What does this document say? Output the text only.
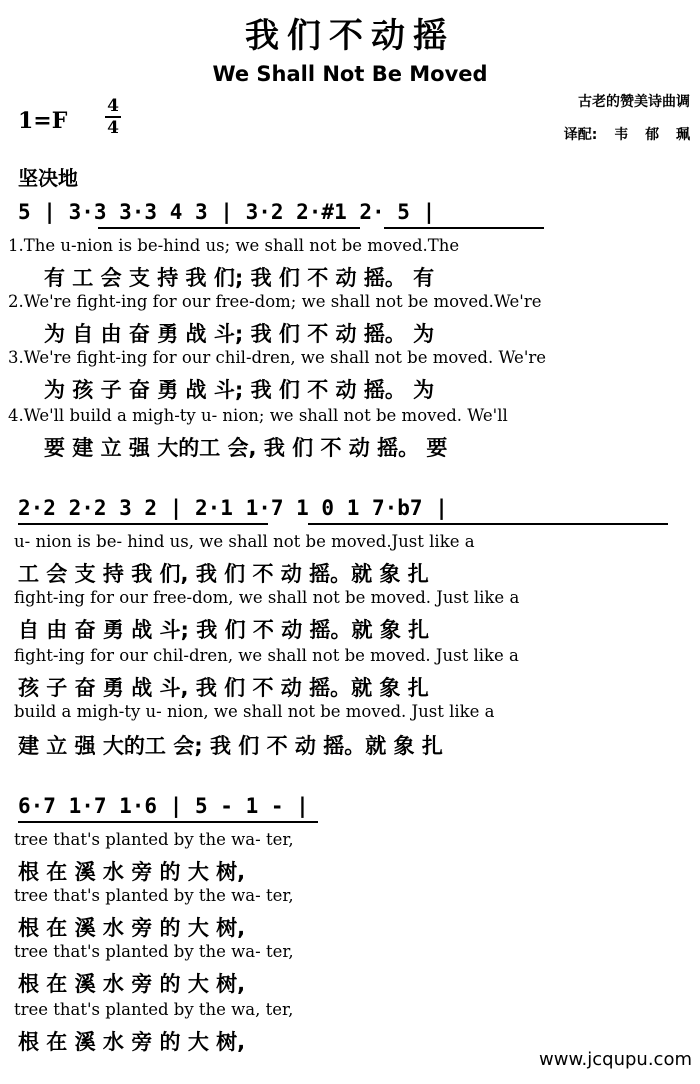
我们不动摇
We Shall Not Be Moved
1=F
4
4
古老的赞美诗曲调
译配: 韦 郁 珮
坚决地
5 | 3·3 3·3 4 3 | 3·2 2·#1 2· 5 |
1.The u-nion is be-hind us; we shall not be moved.The
有 工 会 支 持 我 们; 我 们 不 动 摇。 有
2.We're fight-ing for our free-dom; we shall not be moved.We're
为 自 由 奋 勇 战 斗; 我 们 不 动 摇。 为
3.We're fight-ing for our chil-dren, we shall not be moved. We're
为 孩 子 奋 勇 战 斗; 我 们 不 动 摇。 为
4.We'll build a migh-ty u- nion; we shall not be moved. We'll
要 建 立 强 大的工 会, 我 们 不 动 摇。 要
2·2 2·2 3 2 | 2·1 1·7 1 0 1 7·b7 |
u- nion is be- hind us, we shall not be moved.Just like a
工 会 支 持 我 们, 我 们 不 动 摇。就 象 扎
fight-ing for our free-dom, we shall not be moved. Just like a
自 由 奋 勇 战 斗; 我 们 不 动 摇。就 象 扎
fight-ing for our chil-dren, we shall not be moved. Just like a
孩 子 奋 勇 战 斗, 我 们 不 动 摇。就 象 扎
build a migh-ty u- nion, we shall not be moved. Just like a
建 立 强 大的工 会; 我 们 不 动 摇。就 象 扎
6·7 1·7 1·6 | 5 - 1 - |
tree that's planted by the wa- ter,
根 在 溪 水 旁 的 大 树,
tree that's planted by the wa- ter,
根 在 溪 水 旁 的 大 树,
tree that's planted by the wa- ter,
根 在 溪 水 旁 的 大 树,
tree that's planted by the wa, ter,
根 在 溪 水 旁 的 大 树,
www.jcqupu.com
